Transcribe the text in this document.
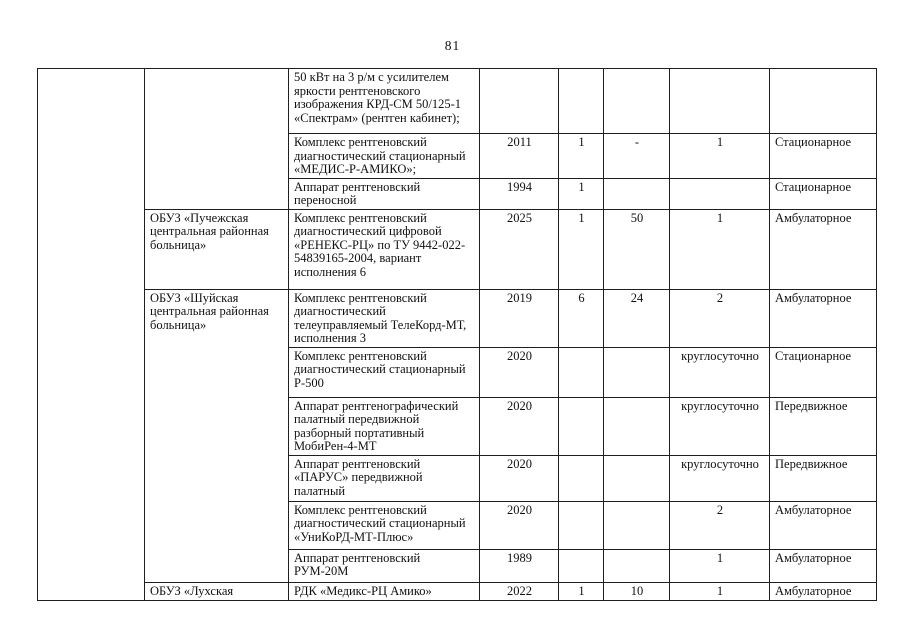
81
		50 кВт на 3 р/м с усилителем яркости рентгеновского изображения КРД-СМ 50/125-1 «Спектрам» (рентген кабинет);					
		Комплекс рентгеновский диагностический стационарный «МЕДИС-Р-АМИКО»;	2011	1	-	1	Стационарное
		Аппарат рентгеновский переносной	1994	1			Стационарное
	ОБУЗ «Пучежская центральная районная больница»	Комплекс рентгеновский диагностический цифровой «РЕНЕКС-РЦ» по ТУ 9442-022-54839165-2004, вариант исполнения 6	2025	1	50	1	Амбулаторное
	ОБУЗ «Шуйская центральная районная больница»	Комплекс рентгеновский диагностический телеуправляемый ТелеКорд-МТ, исполнения 3	2019	6	24	2	Амбулаторное
		Комплекс рентгеновский диагностический стационарный Р-500	2020			круглосуточно	Стационарное
		Аппарат рентгенографический палатный передвижной разборный портативный МобиРен-4-МТ	2020			круглосуточно	Передвижное
		Аппарат рентгеновский «ПАРУС» передвижной палатный	2020			круглосуточно	Передвижное
		Комплекс рентгеновский диагностический стационарный «УниКоРД-МТ-Плюс»	2020			2	Амбулаторное
		Аппарат рентгеновский РУМ-20М	1989			1	Амбулаторное
	ОБУЗ «Лухская	РДК «Медикс-РЦ Амико»	2022	1	10	1	Амбулаторное
